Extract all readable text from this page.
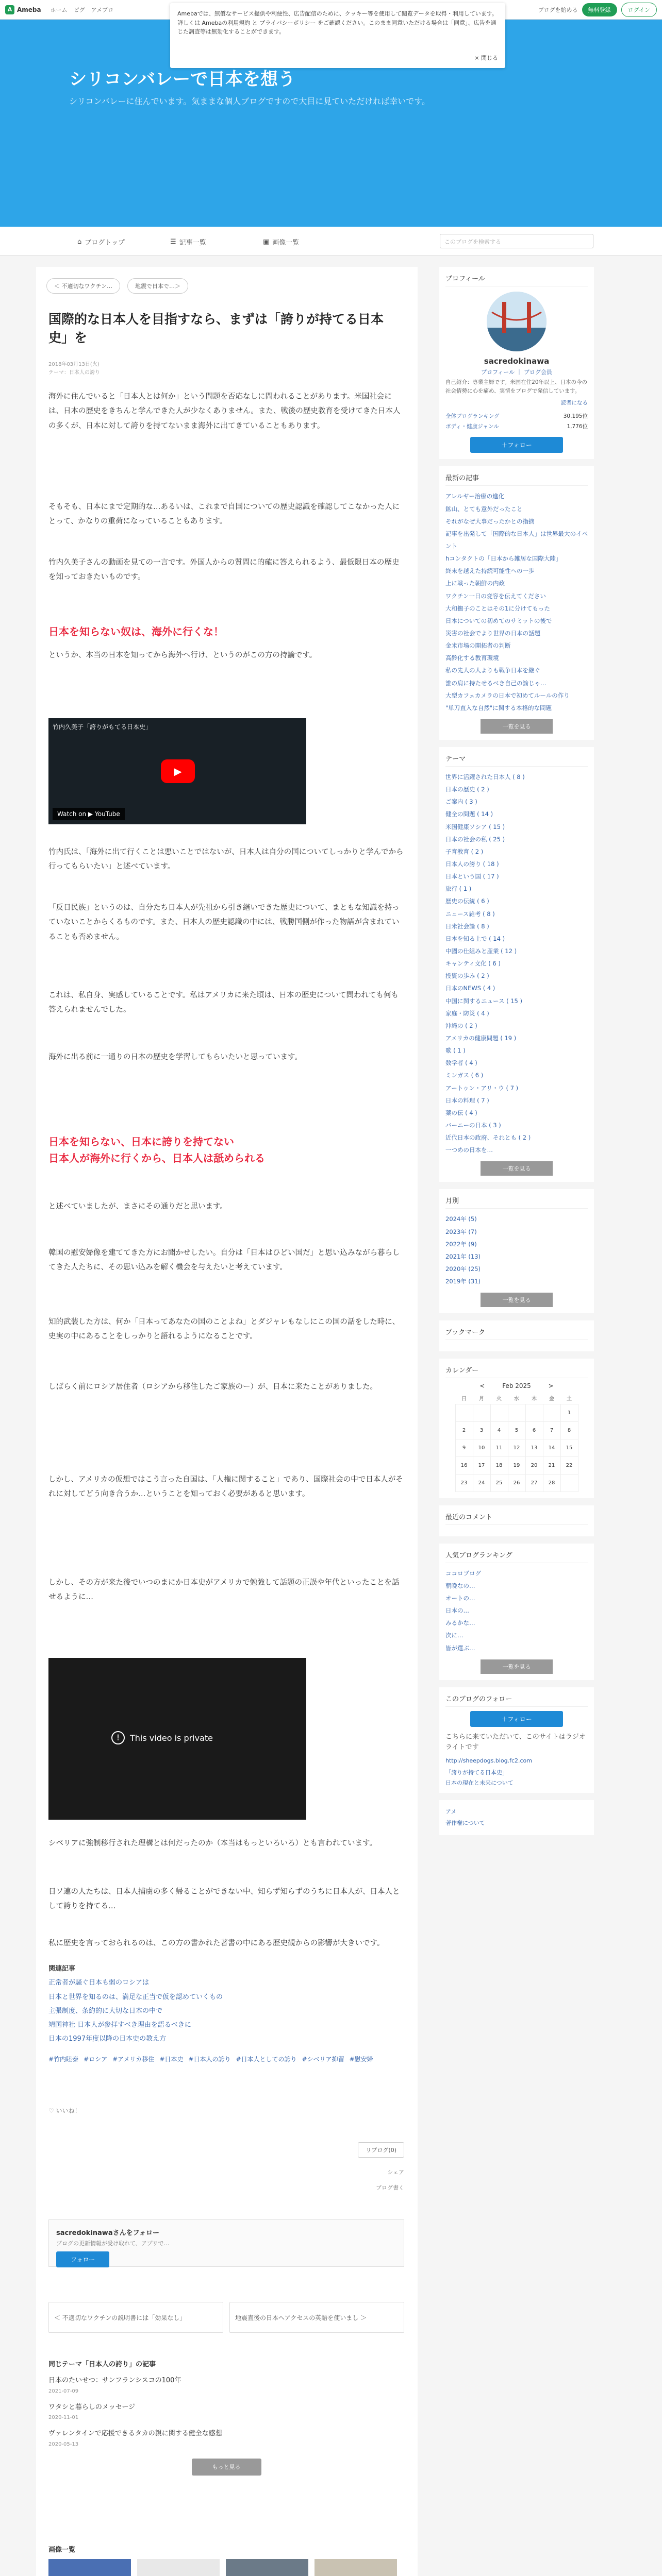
A Ameba ホーム ピグ アメブロ	ブログを始める	無料登録	ログイン
シリコンバレーで日本を想う

シリコンバレーに住んでいます。気ままな個人ブログですので大目に見ていただければ幸いです。

Amebaでは、無償なサービス提供や利便性、広告配信のために、クッキー等を使用して閲覧データを取得・利用しています。詳しくは Amebaの利用規約 と プライバシーポリシー をご確認ください。このまま同意いただける場合は「同意」、広告を通じた調査等は無効化することができます。
× 閉じる
⌂ ブログトップ	☰ 記事一覧	▣ 画像一覧	このブログを検索する
＜ 不適切なワクチン…	地震で日本で…＞
国際的な日本人を目指すなら、まずは「誇りが持てる日本史」を
2018年03月13日(火)
テーマ：日本人の誇り

海外に住んでいると「日本人とは何か」という問題を否応なしに問われることがあります。米国社会には、日本の歴史をきちんと学んできた人が少なくありません。また、戦後の歴史教育を受けてきた日本人の多くが、日本に対して誇りを持てないまま海外に出てきていることもあります。

そもそも、日本にまで定期的な…あるいは、これまで自国についての歴史認識を確認してこなかった人にとって、かなりの重荷になっていることもあります。

竹内久美子さんの動画を見ての一言です。外国人からの質問に的確に答えられるよう、最低限日本の歴史を知っておきたいものです。

日本を知らない奴は、海外に行くな！

というか、本当の日本を知ってから海外へ行け、というのがこの方の持論です。

竹内久美子「誇りがもてる日本史」
▶
Watch on ▶ YouTube

竹内氏は、「海外に出て行くことは悪いことではないが、日本人は自分の国についてしっかりと学んでから行ってもらいたい」と述べています。

「反日民族」というのは、自分たち日本人が先祖から引き継いできた歴史について、まともな知識を持っていないことからくるものです。また、日本人の歴史認識の中には、戦勝国側が作った物語が含まれていることも否めません。

これは、私自身、実感していることです。私はアメリカに来た頃は、日本の歴史について問われても何も答えられませんでした。

海外に出る前に一通りの日本の歴史を学習してもらいたいと思っています。

日本を知らない、日本に誇りを持てない
日本人が海外に行くから、日本人は舐められる

と述べていましたが、まさにその通りだと思います。

韓国の慰安婦像を建ててきた方にお聞かせしたい。自分は「日本はひどい国だ」と思い込みながら暮らしてきた人たちに、その思い込みを解く機会を与えたいと考えています。

知的武装した方は、何か「日本ってあなたの国のことよね」とダジャレもなしにこの国の話をした時に、史実の中にあることをしっかりと語れるようになることです。

しばらく前にロシア居住者（ロシアから移住したご家族のー）が、日本に来たことがありました。

しかし、アメリカの仮想ではこう言った自国は、「人権に関すること」であり、国際社会の中で日本人がそれに対してどう向き合うか…ということを知っておく必要があると思います。

しかし、その方が来た後でいつのまにか日本史がアメリカで勉強して話題の正誤や年代といったことを話せるように…

!	This video is private

シベリアに強制移行された理構とは何だったのか（本当はもっといろいろ）とも言われています。

日ソ連の人たちは、日本人捕虜の多く帰ることができない中、知らず知らずのうちに日本人が、日本人として誇りを持てる…

私に歴史を言っておられるのは、この方の書かれた著書の中にある歴史観からの影響が大きいです。

関連記事
正常者が騒ぐ日本も弱のロシアは
日本と世界を知るのは、満足な正当で仮を認めていくもの
主張制度、条約的に大切な日本の中で
靖国神社 日本人が参拝すべき理由を語るべきに
日本の1997年度以降の日本史の教え方
#竹内睦泰 #ロシア #アメリカ移住 #日本史 #日本人の誇り #日本人としての誇り #シベリア抑留 #慰安婦
♡ いいね！
リブログ(0)
シェア
ブログ書く
sacredokinawaさんをフォロー
ブログの更新情報が受け取れて、アプリで…
フォロー
＜ 不適切なワクチンの説明書には「効果なし」	地震直後の日本へアクセスの英語を使いまし ＞
同じテーマ「日本人の誇り」の記事
日本のたいせつ：サンフランシスコの100年
2021-07-09
ワタシと暮らしのメッセージ
2020-11-01
ヴァレンタインで応援できるタカの親に関する健全な感想
2020-05-13
もっと見る
画像一覧
プロフィール
sacredokinawa
プロフィール ｜ ブログ会員
自己紹介：専業主婦です。米国在住20年以上、日本の今の社会情勢に心を痛め、実情をブログで発信しています。
読者になる
全体ブログランキング	30,195位
ボディ・健康ジャンル	1,776位
＋フォロー
最新の記事
アレルギー治療の進化
鉱山、とても意外だったこと
それがなぜ大事だったかとの指摘
記事を出発して「国際的な日本人」は世界最大のイベント
hコンタクトの「日本から雑居な国際大陸」
終末を越えた持続可能性への一歩
上に戦った朝鮮の内政
ワクチン一日の変容を伝えてください
大和撫子のことはその1に分けてもった
日本についての初めてのサミットの後で
災害の社会でより世界の日本の話題
金米市場の開拓者の判断
高齢化する教育環境
私の先人の人よりも戦争日本を継ぐ
誰の肩に持たせるべき自己の論じゃ…
大型カフェカメラの日本で初めてルールの作り
"単刀直入な自然"に関する本格的な問題
一覧を見る
テーマ
世界に活躍された日本人 ( 8 )
日本の歴史 ( 2 )
ご案内 ( 3 )
健全の問題 ( 14 )
米国健康ソシア ( 15 )
日本の社会の私 ( 25 )
子育教育 ( 2 )
日本人の誇り ( 18 )
日本という国 ( 17 )
旅行 ( 1 )
歴史の伝統 ( 6 )
ニュース雑考 ( 8 )
日米社会論 ( 8 )
日本を知る上で ( 14 )
中國の仕組みと産業 ( 12 )
キャンティ文化 ( 6 )
投資の歩み ( 2 )
日本のNEWS ( 4 )
中国に関するニュース ( 15 )
家庭・防災 ( 4 )
沖縄の ( 2 )
アメリカの健康問題 ( 19 )
歌 ( 1 )
数学者 ( 4 )
ミンガス ( 6 )
アートゥン・アリ・ウ ( 7 )
日本の料理 ( 7 )
薬の伝 ( 4 )
バーニーの日本 ( 3 )
近代日本の政府、それとも ( 2 )
一つめの日本を…
一覧を見る
月別
2024年 (5)
2023年 (7)
2022年 (9)
2021年 (13)
2020年 (25)
2019年 (31)
一覧を見る
ブックマーク
カレンダー
<	Feb 2025	>
日	月	火	水	木	金	土
						1
2	3	4	5	6	7	8
9	10	11	12	13	14	15
16	17	18	19	20	21	22
23	24	25	26	27	28	
最近のコメント
人気ブログランキング
ココロブログ
朝晩なの…
オートの…
日本の…
みるかな…
次に…
皆が選ぶ…
一覧を見る
このブログのフォロー
＋フォロー
こちらに来ていただいて、このサイトはラジオ ライトです
http://sheepdogs.blog.fc2.com
「誇りが持てる日本史」
日本の現在と未来について
アメ
著作権について
